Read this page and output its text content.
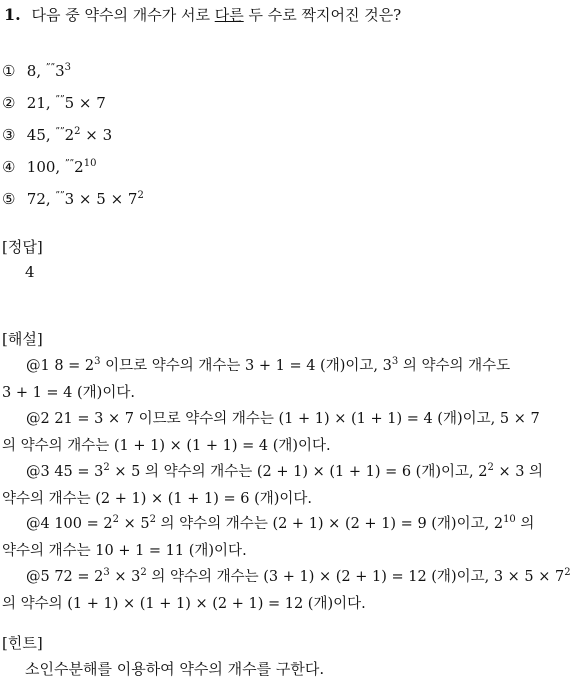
1. 다음 중 약수의 개수가 서로 다른 두 수로 짝지어진 것은?
① 8, $^{””}3^3$
② 21, ””5 × 7
③ 45, $^{””}2^2 \times 3$
④ 100, $^{””}2^{10}$
⑤ 72, $^{””}3 \times 5 \times 7^2$
[정답]
4
[해설]
@1 $8 = 2^3$ 이므로 약수의 개수는 3 + 1 = 4 (개)이고, $3^3$ 의 약수의 개수도
3 + 1 = 4 (개)이다.
@2 21 = 3 × 7 이므로 약수의 개수는 (1 + 1) × (1 + 1) = 4 (개)이고, 5 × 7
의 약수의 개수는 (1 + 1) × (1 + 1) = 4 (개)이다.
@3 $45 = 3^2 \times 5$ 의 약수의 개수는 (2 + 1) × (1 + 1) = 6 (개)이고, $2^2 \times 3$ 의
약수의 개수는 (2 + 1) × (1 + 1) = 6 (개)이다.
@4 $100 = 2^2 \times 5^2$ 의 약수의 개수는 (2 + 1) × (2 + 1) = 9 (개)이고, $2^{10}$ 의
약수의 개수는 10 + 1 = 11 (개)이다.
@5 $72 = 2^3 \times 3^2$ 의 약수의 개수는 (3 + 1) × (2 + 1) = 12 (개)이고, $3 \times 5 \times 7^2$
의 약수의 (1 + 1) × (1 + 1) × (2 + 1) = 12 (개)이다.
[힌트]
소인수분해를 이용하여 약수의 개수를 구한다.
